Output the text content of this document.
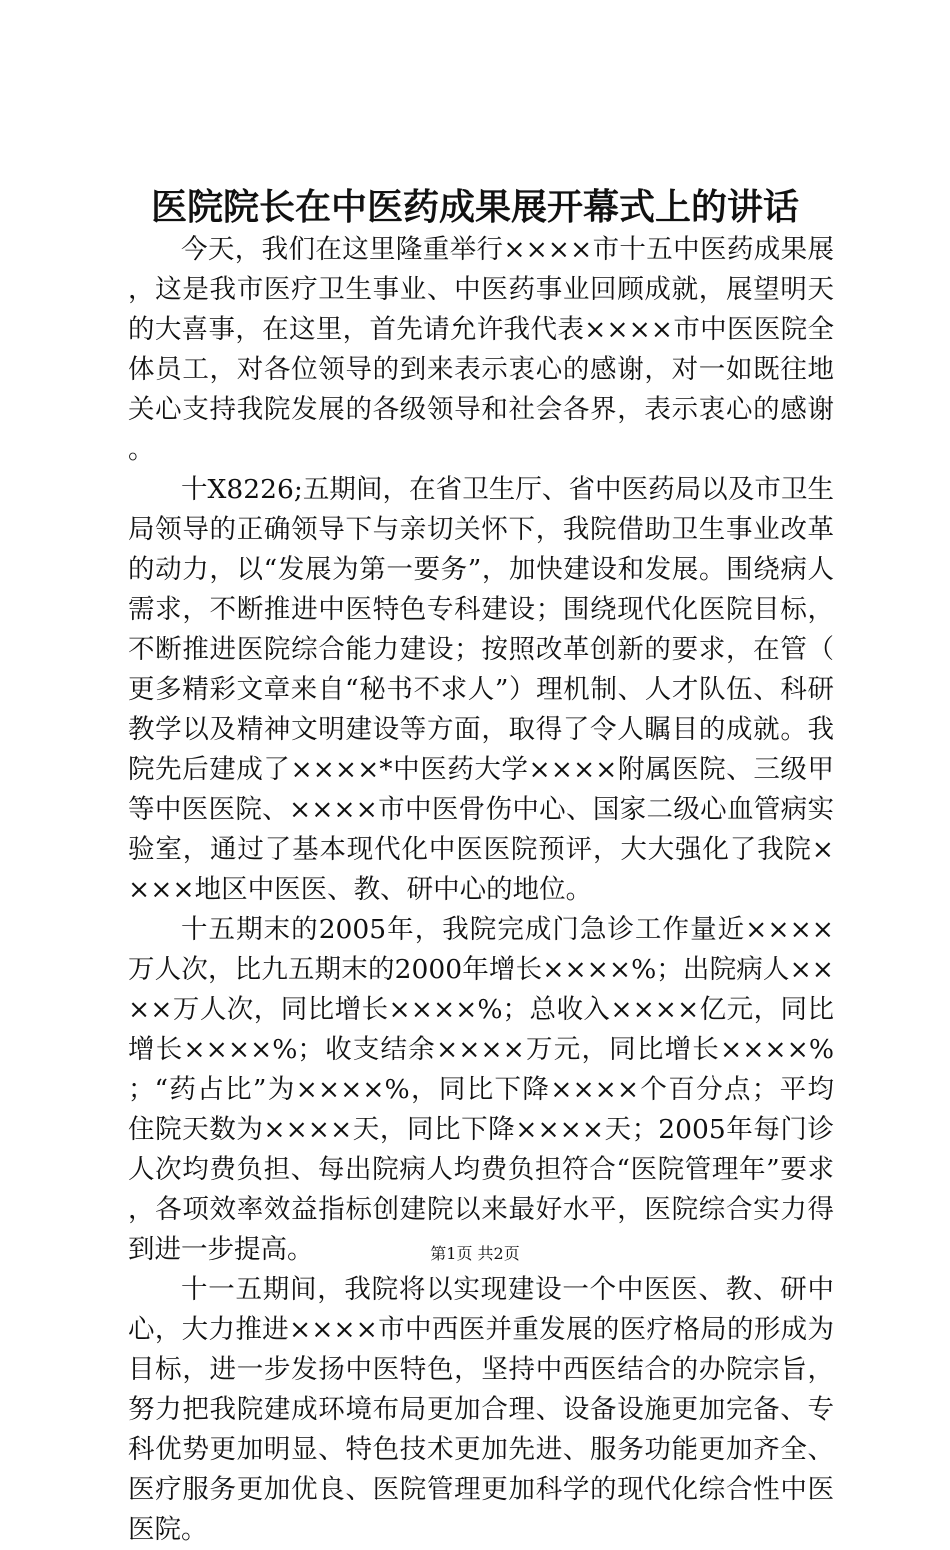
医院院长在中医药成果展开幕式上的讲话

今天，我们在这里隆重举行××××市十五中医药成果展，这是我市医疗卫生事业、中医药事业回顾成就，展望明天的大喜事，在这里，首先请允许我代表××××市中医医院全体员工，对各位领导的到来表示衷心的感谢，对一如既往地关心支持我院发展的各级领导和社会各界，表示衷心的感谢。

十X8226;五期间，在省卫生厅、省中医药局以及市卫生局领导的正确领导下与亲切关怀下，我院借助卫生事业改革的动力，以“发展为第一要务”，加快建设和发展。围绕病人需求，不断推进中医特色专科建设；围绕现代化医院目标，不断推进医院综合能力建设；按照改革创新的要求，在管（更多精彩文章来自“秘书不求人”）理机制、人才队伍、科研教学以及精神文明建设等方面，取得了令人瞩目的成就。我院先后建成了××××*中医药大学××××附属医院、三级甲等中医医院、××××市中医骨伤中心、国家二级心血管病实验室，通过了基本现代化中医医院预评，大大强化了我院××××地区中医医、教、研中心的地位。

十五期末的2005年，我院完成门急诊工作量近××××万人次，比九五期末的2000年增长××××%；出院病人××××万人次，同比增长××××%；总收入××××亿元，同比增长××××%；收支结余××××万元，同比增长××××%；“药占比”为××××%，同比下降××××个百分点；平均住院天数为××××天，同比下降××××天；2005年每门诊人次均费负担、每出院病人均费负担符合“医院管理年”要求，各项效率效益指标创建院以来最好水平，医院综合实力得到进一步提高。

十一五期间，我院将以实现建设一个中医医、教、研中心，大力推进××××市中西医并重发展的医疗格局的形成为目标，进一步发扬中医特色，坚持中西医结合的办院宗旨，努力把我院建成环境布局更加合理、设备设施更加完备、专科优势更加明显、特色技术更加先进、服务功能更加齐全、医疗服务更加优良、医院管理更加科学的现代化综合性中医医院。

第1页 共2页
